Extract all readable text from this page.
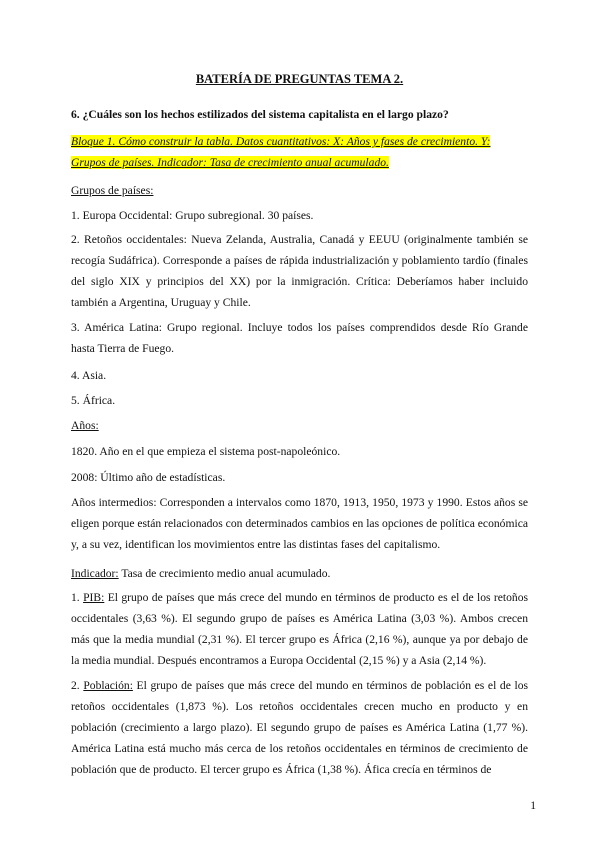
BATERÍA DE PREGUNTAS TEMA 2.
6. ¿Cuáles son los hechos estilizados del sistema capitalista en el largo plazo?
Bloque 1. Cómo construir la tabla. Datos cuantitativos: X: Años y fases de crecimiento. Y: Grupos de países. Indicador: Tasa de crecimiento anual acumulado.
Grupos de países:
1. Europa Occidental: Grupo subregional. 30 países.
2. Retoños occidentales: Nueva Zelanda, Australia, Canadá y EEUU (originalmente también se recogía Sudáfrica). Corresponde a países de rápida industrialización y poblamiento tardío (finales del siglo XIX y principios del XX) por la inmigración. Crítica: Deberíamos haber incluido también a Argentina, Uruguay y Chile.
3. América Latina: Grupo regional. Incluye todos los países comprendidos desde Río Grande hasta Tierra de Fuego.
4. Asia.
5. África.
Años:
1820. Año en el que empieza el sistema post-napoleónico.
2008: Último año de estadísticas.
Años intermedios: Corresponden a intervalos como 1870, 1913, 1950, 1973 y 1990. Estos años se eligen porque están relacionados con determinados cambios en las opciones de política económica y, a su vez, identifican los movimientos entre las distintas fases del capitalismo.
Indicador: Tasa de crecimiento medio anual acumulado.
1. PIB: El grupo de países que más crece del mundo en términos de producto es el de los retoños occidentales (3,63 %). El segundo grupo de países es América Latina (3,03 %). Ambos crecen más que la media mundial (2,31 %). El tercer grupo es África (2,16 %), aunque ya por debajo de la media mundial. Después encontramos a Europa Occidental (2,15 %) y a Asia (2,14 %).
2. Población: El grupo de países que más crece del mundo en términos de población es el de los retoños occidentales (1,873 %). Los retoños occidentales crecen mucho en producto y en población (crecimiento a largo plazo). El segundo grupo de países es América Latina (1,77 %). América Latina está mucho más cerca de los retoños occidentales en términos de crecimiento de población que de producto. El tercer grupo es África (1,38 %). Áfica crecía en términos de
1
